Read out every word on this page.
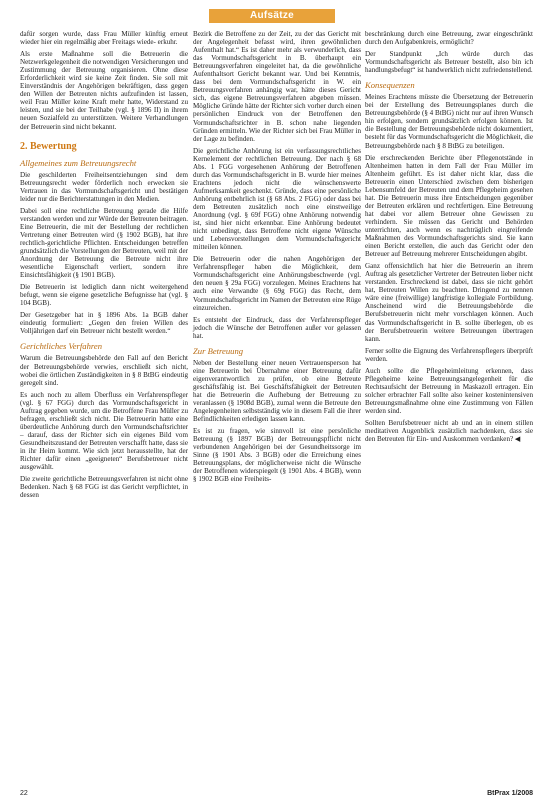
Aufsätze

dafür sorgen wurde, dass Frau Müller künftig erneut wieder hier ein regelmäßig aber Freitags wiede- erkuhr.

Als erste Maßnahme soll die Betreuerin die Netzwerkgelegenheit die notwendigen Versicherungen und Zustimmung der Betreuung organisieren. Ohne diese Erforderlichkeit wird sie keine Zeit finden. Sie soll mit Einverständnis der Angehörigen bekräftigen, dass gegen den Willen der Betreuten nichts aufzufinden ist lassen, weil Frau Müller keine Kraft mehr hatte, Widerstand zu leisten, und sie bei der Teilhabe (vgl. § 1896 II) in ihrem neuen Sozialfeld zu unterstützen. Weitere Verhandlungen der Betreuerin sind nicht bekannt.

2. Bewertung
Allgemeines zum Betreuungsrecht

Die geschilderten Freiheitsentziehungen sind dem Betreuungsrecht weder förderlich noch erwecken sie Vertrauen in das Vormundschaftsgericht und bestätigen leider nur die Berichterstattungen in den Medien.

Dabei soll eine rechtliche Betreuung gerade die Hilfe verstanden werden und zur Würde der Betreuten beitragen. Eine Betreuerin, die mit der Bestellung der rechtlichen Vertretung einer Betreuten wird (§ 1902 BGB), hat ihre rechtlich-gerichtliche Pflichten. Entscheidungen betreffen grundsätzlich die Vorstellungen der Betreuten, weil mit der Anordnung der Betreuung die Betreute nicht ihre wesentliche Eigenschaft verliert, sondern ihre Einsichtsfähigkeit (§ 1901 BGB).

Die Betreuerin ist lediglich dann nicht weitergehend befugt, wenn sie eigene gesetzliche Befugnisse hat (vgl. § 104 BGB).

Der Gesetzgeber hat in § 1896 Abs. 1a BGB daher eindeutig formuliert: „Gegen den freien Willen des Volljährigen darf ein Betreuer nicht bestellt werden.“

Gerichtliches Verfahren

Warum die Betreuungsbehörde den Fall auf den Bericht der Betreuungsbehörde verwies, erschließt sich nicht, wobei die örtlichen Zuständigkeiten in § 8 BtBG eindeutig geregelt sind.

Es auch noch zu allem Überfluss ein Verfahrenspfleger (vgl. § 67 FGG) durch das Vormundschaftsgericht in Auftrag gegeben wurde, um die Betroffene Frau Müller zu befragen, erschließt sich nicht. Die Betreuerin hatte eine überdeutliche Anhörung durch den Vormundschaftsrichter – darauf, dass der Richter sich ein eigenes Bild vom Gesundheitszustand der Betreuten verschafft hatte, dass sie in ihr Heim kommt. Wie sich jetzt herausstellte, hat der Richter dafür einen „geeigneten“ Berufsbetreuer nicht ausgewählt.

Die zweite gerichtliche Betreuungsverfahren ist nicht ohne Bedenken. Nach § 68 FGG ist das Gericht verpflichtet, in dessen

Bezirk die Betroffene zu der Zeit, zu der das Gericht mit der Angelegenheit befasst wird, ihren gewöhnlichen Aufenthalt hat.“ Es ist daher mehr als verwunderlich, dass das Vormundschaftsgericht in B. überhaupt ein Betreuungsverfahren eingeleitet hat, da die gewöhnliche Aufenthaltsort Gericht bekannt war. Und bei Kenntnis, dass bei dem Vormundschaftsgericht in W. ein Betreuungsverfahren anhängig war, hätte dieses Gericht sich, das eigene Betreuungsverfahren abgeben müssen. Mögliche Gründe hätte der Richter sich vorher durch einen persönlichen Eindruck von der Betroffenen den Vormundschaftsrichter in B. schon nahe liegenden Gründen ermitteln. Wie der Richter sich bei Frau Müller in der Lage zu befinden.

Die gerichtliche Anhörung ist ein verfassungsrechtliches Kernelement der rechtlichen Betreuung. Der nach § 68 Abs. 1 FGG vorgesehenen Anhörung der Betroffenen durch das Vormundschaftsgericht in B. wurde hier meines Erachtens jedoch nicht die wünschenswerte Aufmerksamkeit geschenkt. Gründe, dass eine persönliche Anhörung entbehrlich ist (§ 68 Abs. 2 FGG) oder dass bei dem Betreuten zusätzlich noch eine einstweilige Anordnung (vgl. § 69f FGG) ohne Anhörung notwendig ist, sind hier nicht erkennbar. Eine Anhörung bedeutet nicht unbedingt, dass Betroffene nicht eigene Wünsche und Lebensvorstellungen dem Vormundschaftsgericht mitteilen können.

Die Betreuerin oder die nahen Angehörigen der Verfahrenspfleger haben die Möglichkeit, dem Vormundschaftsgericht eine Anhörungsbeschwerde (vgl. den neuen § 29a FGG) vorzulegen. Meines Erachtens hat auch eine Verwandte (§ 69g FGG) das Recht, dem Vormundschaftsgericht im Namen der Betreuten eine Rüge einzureichen.

Es entsteht der Eindruck, dass der Verfahrenspfleger jedoch die Wünsche der Betroffenen außer vor gelassen hat.

Zur Betreuung

Neben der Bestellung einer neuen Vertrauensperson hat eine Betreuerin bei Übernahme einer Betreuung dafür eigenverantwortlich zu prüfen, ob eine Betreute geschäftsfähig ist. Bei Geschäftsfähigkeit der Betreuten hat die Betreuerin die Aufhebung der Betreuung zu veranlassen (§ 1908d BGB), zumal wenn die Betreute den Angelegenheiten selbstständig wie in diesem Fall die ihrer Befindlichkeiten erledigen lassen kann.

Es ist zu fragen, wie sinnvoll ist eine persönliche Betreuung (§ 1897 BGB) der Betreuungspflicht nicht verbundenen Angehörigen bei der Gesundheitssorge im Sinne (§ 1901 Abs. 3 BGB) oder die Erreichung eines Betreuungsplans, der möglicherweise nicht die Wünsche der Betroffenen widerspiegelt (§ 1901 Abs. 4 BGB), wenn § 1902 BGB eine Freiheits-

beschränkung durch eine Betreuung, zwar eingeschränkt durch den Aufgabenkreis, ermöglicht?

Der Standpunkt „Ich würde durch das Vormundschaftsgericht als Betreuer bestellt, also bin ich handlungsbefugt“ ist handwerklich nicht zufriedenstellend.

Konsequenzen

Meines Erachtens müsste die Übersetzung der Betreuerin bei der Erstellung des Betreuungsplanes durch die Betreuungsbehörde (§ 4 BtBG) nicht nur auf ihren Wunsch hin erfolgen, sondern grundsätzlich erfolgen können. Ist die Bestellung der Betreuungsbehörde nicht dokumentiert, besteht für das Vormundschaftsgericht die Möglichkeit, die Betreuungsbehörde nach § 8 BtBG zu beteiligen.

Die erschreckenden Berichte über Pflegenotstände in Altenheimen hatten in dem Fall der Frau Müller im Altenheim geführt. Es ist daher nicht klar, dass die Betreuerin einen Unterschied zwischen dem bisherigen Lebensumfeld der Betreuten und dem Pflegeheim gesehen hat. Die Betreuerin muss ihre Entscheidungen gegenüber der Betreuten erklären und rechtfertigen. Eine Betreuung hat dabei vor allem Betreuer ohne Gewissen zu verhindern. Sie müssen das Gericht und Behörden unterrichten, auch wenn es nachträglich eingreifende Maßnahmen des Vormundschaftsgerichts sind. Sie kann einen Bericht erstellen, die auch das Gericht oder den Betreuer auf Betreuung mehrerer Entscheidungen abgibt.

Ganz offensichtlich hat hier die Betreuerin an ihrem Auftrag als gesetzlicher Vertreter der Betreuten lieber nicht verstanden. Erschreckend ist dabei, dass sie nicht gehört hat, Betreuten Willen zu beachten. Dringend zu nennen wäre eine (freiwillige) langfristige kollegiale Fortbildung. Anscheinend wird die Betreuungsbehörde die Berufsbetreuerin nicht mehr vorschlagen können. Auch das Vormundschaftsgericht in B. sollte überlegen, ob es der Berufsbetreuerin weitere Betreuungen übertragen kann.

Ferner sollte die Eignung des Verfahrenspflegers überprüft werden.

Auch sollte die Pflegeheimleitung erkennen, dass Pflegeheime keine Betreuungsangelegenheit für die Rechtsaufsicht der Betreuung in Maskazoll ertragen. Ein solcher erbrachter Fall sollte also keiner kostenintensiven Betreuungsmaßnahme ohne eine Zustimmung von Fällen werden sind.

Sollten Berufsbetreuer nicht ab und an in einem stillen meditativen Augenblick zusätzlich nachdenken, dass sie den Betreuten für Ein- und Auskommen verdanken? ◀

22	BtPrax 1/2008
